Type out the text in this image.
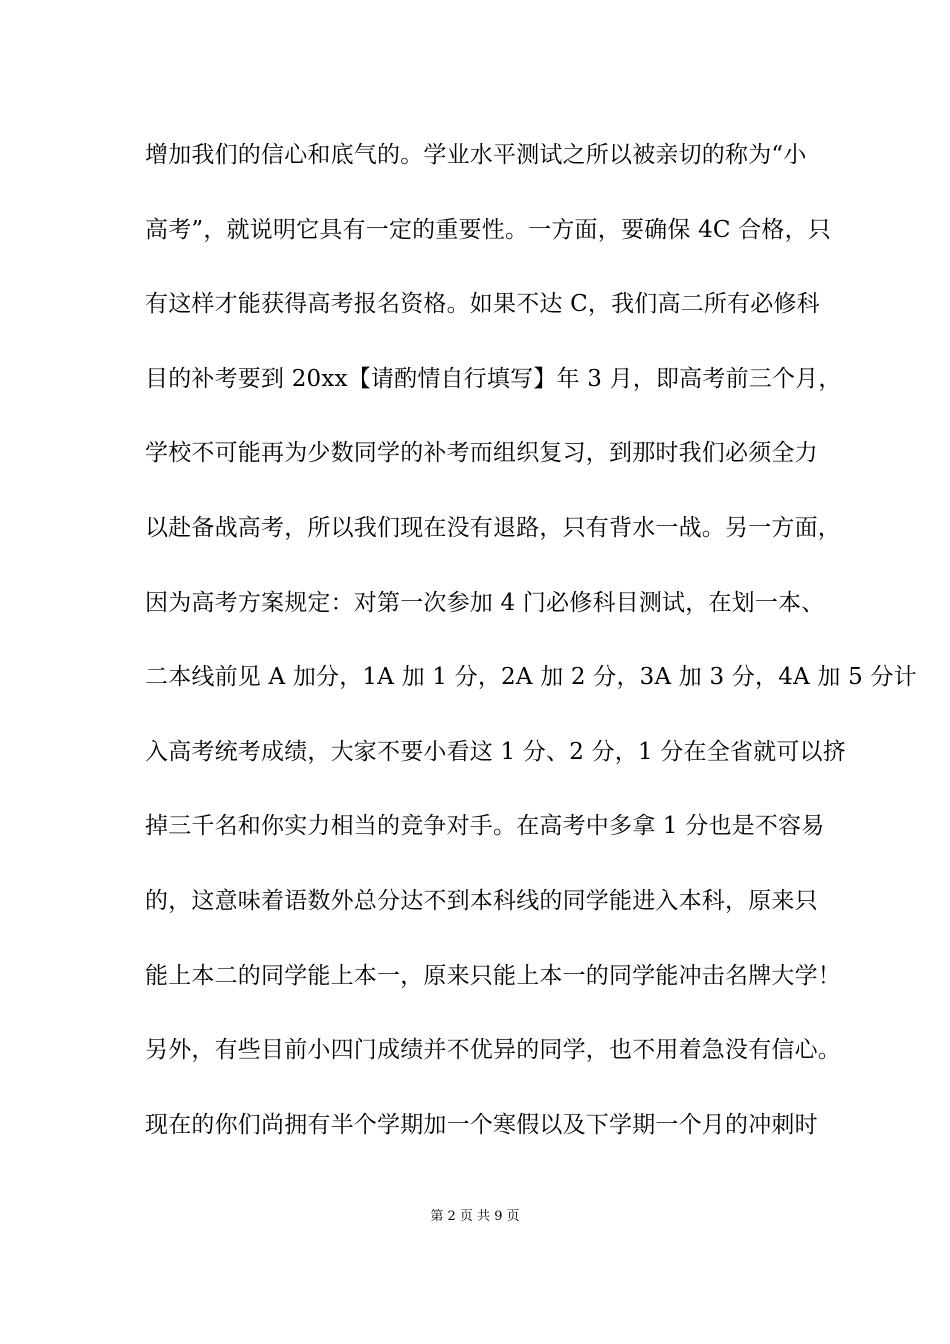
增加我们的信心和底气的。学业水平测试之所以被亲切的称为“小
高考”，就说明它具有一定的重要性。一方面，要确保 4C 合格，只
有这样才能获得高考报名资格。如果不达 C，我们高二所有必修科
目的补考要到 20xx【请酌情自行填写】年 3 月，即高考前三个月，
学校不可能再为少数同学的补考而组织复习，到那时我们必须全力
以赴备战高考，所以我们现在没有退路，只有背水一战。另一方面，
因为高考方案规定：对第一次参加 4 门必修科目测试，在划一本、
二本线前见 A 加分，1A 加 1 分，2A 加 2 分，3A 加 3 分，4A 加 5 分计
入高考统考成绩，大家不要小看这 1 分、2 分，1 分在全省就可以挤
掉三千名和你实力相当的竞争对手。在高考中多拿 1 分也是不容易
的，这意味着语数外总分达不到本科线的同学能进入本科，原来只
能上本二的同学能上本一，原来只能上本一的同学能冲击名牌大学！
另外，有些目前小四门成绩并不优异的同学，也不用着急没有信心。
现在的你们尚拥有半个学期加一个寒假以及下学期一个月的冲刺时
第 2 页 共 9 页
